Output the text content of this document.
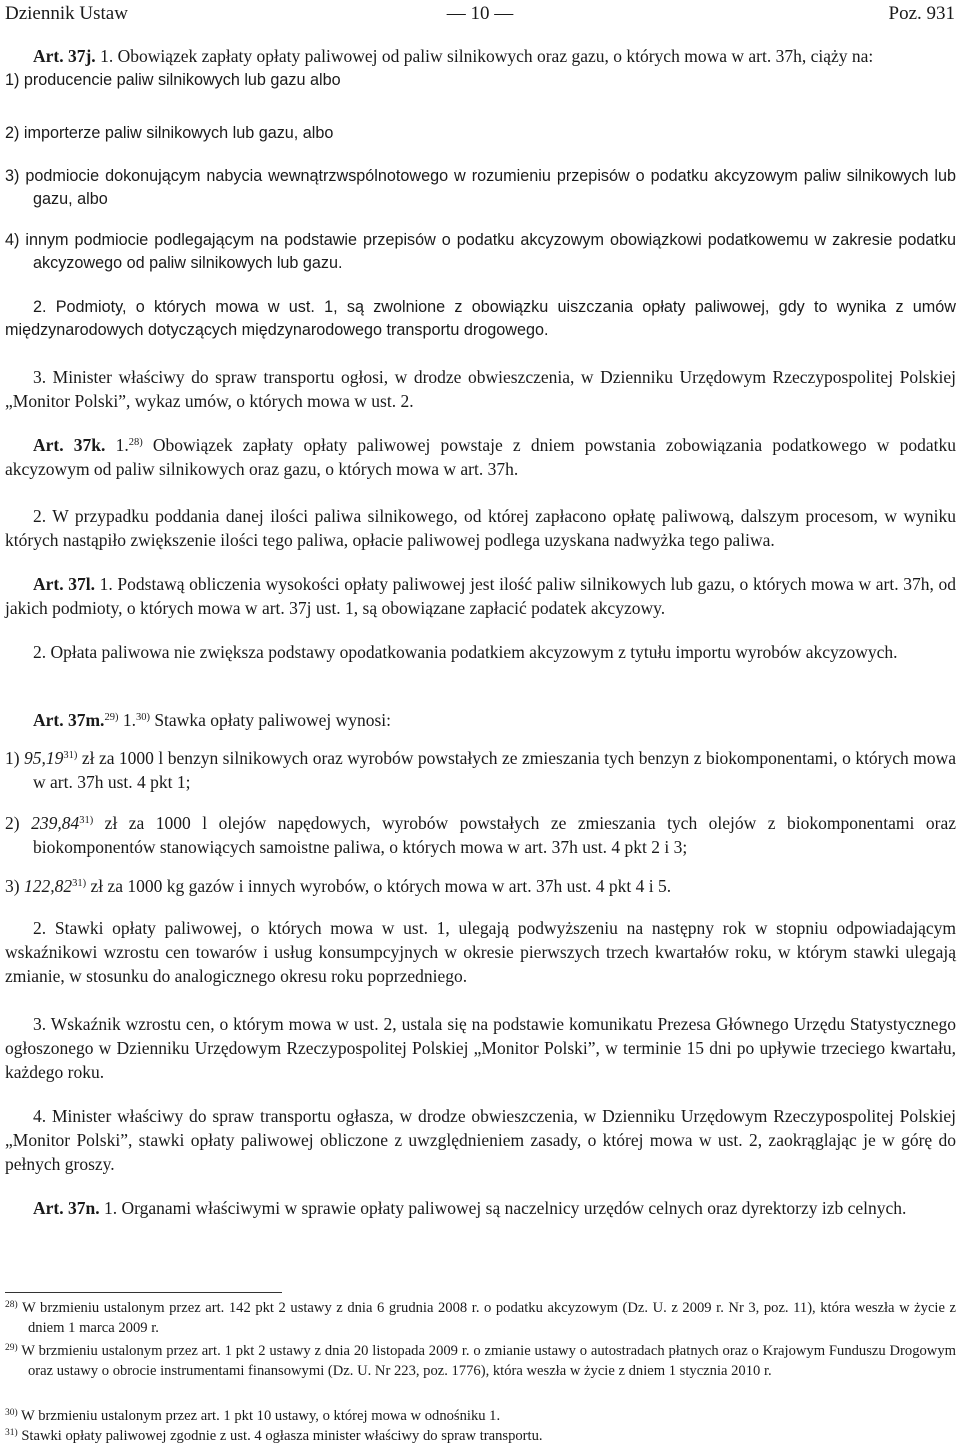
Dziennik Ustaw	— 10 —	Poz. 931

Art. 37j. 1. Obowiązek zapłaty opłaty paliwowej od paliw silnikowych oraz gazu, o których mowa w art. 37h, ciąży na:

1) producencie paliw silnikowych lub gazu albo

2) importerze paliw silnikowych lub gazu, albo

3) podmiocie dokonującym nabycia wewnątrzwspólnotowego w rozumieniu przepisów o podatku akcyzowym paliw silnikowych lub gazu, albo

4) innym podmiocie podlegającym na podstawie przepisów o podatku akcyzowym obowiązkowi podatkowemu w zakresie podatku akcyzowego od paliw silnikowych lub gazu.

2. Podmioty, o których mowa w ust. 1, są zwolnione z obowiązku uiszczania opłaty paliwowej, gdy to wynika z umów międzynarodowych dotyczących międzynarodowego transportu drogowego.

3. Minister właściwy do spraw transportu ogłosi, w drodze obwieszczenia, w Dzienniku Urzędowym Rzeczypospolitej Polskiej „Monitor Polski”, wykaz umów, o których mowa w ust. 2.

Art. 37k. 1.$^{28)}$ Obowiązek zapłaty opłaty paliwowej powstaje z dniem powstania zobowiązania podatkowego w podatku akcyzowym od paliw silnikowych oraz gazu, o których mowa w art. 37h.

2. W przypadku poddania danej ilości paliwa silnikowego, od której zapłacono opłatę paliwową, dalszym procesom, w wyniku których nastąpiło zwiększenie ilości tego paliwa, opłacie paliwowej podlega uzyskana nadwyżka tego paliwa.

Art. 37l. 1. Podstawą obliczenia wysokości opłaty paliwowej jest ilość paliw silnikowych lub gazu, o których mowa w art. 37h, od jakich podmioty, o których mowa w art. 37j ust. 1, są obowiązane zapłacić podatek akcyzowy.

2. Opłata paliwowa nie zwiększa podstawy opodatkowania podatkiem akcyzowym z tytułu importu wyrobów akcyzowych.

Art. 37m.$^{29)}$ 1.$^{30)}$ Stawka opłaty paliwowej wynosi:

1) 95,19$^{31)}$ zł za 1000 l benzyn silnikowych oraz wyrobów powstałych ze zmieszania tych benzyn z biokomponentami, o których mowa w art. 37h ust. 4 pkt 1;

2) 239,84$^{31)}$ zł za 1000 l olejów napędowych, wyrobów powstałych ze zmieszania tych olejów z biokomponentami oraz biokomponentów stanowiących samoistne paliwa, o których mowa w art. 37h ust. 4 pkt 2 i 3;

3) 122,82$^{31)}$ zł za 1000 kg gazów i innych wyrobów, o których mowa w art. 37h ust. 4 pkt 4 i 5.

2. Stawki opłaty paliwowej, o których mowa w ust. 1, ulegają podwyższeniu na następny rok w stopniu odpowiadającym wskaźnikowi wzrostu cen towarów i usług konsumpcyjnych w okresie pierwszych trzech kwartałów roku, w którym stawki ulegają zmianie, w stosunku do analogicznego okresu roku poprzedniego.

3. Wskaźnik wzrostu cen, o którym mowa w ust. 2, ustala się na podstawie komunikatu Prezesa Głównego Urzędu Statystycznego ogłoszonego w Dzienniku Urzędowym Rzeczypospolitej Polskiej „Monitor Polski”, w terminie 15 dni po upływie trzeciego kwartału, każdego roku.

4. Minister właściwy do spraw transportu ogłasza, w drodze obwieszczenia, w Dzienniku Urzędowym Rzeczypospolitej Polskiej „Monitor Polski”, stawki opłaty paliwowej obliczone z uwzględnieniem zasady, o której mowa w ust. 2, zaokrąglając je w górę do pełnych groszy.

Art. 37n. 1. Organami właściwymi w sprawie opłaty paliwowej są naczelnicy urzędów celnych oraz dyrektorzy izb celnych.

$^{28)}$ W brzmieniu ustalonym przez art. 142 pkt 2 ustawy z dnia 6 grudnia 2008 r. o podatku akcyzowym (Dz. U. z 2009 r. Nr 3, poz. 11), która weszła w życie z dniem 1 marca 2009 r.

$^{29)}$ W brzmieniu ustalonym przez art. 1 pkt 2 ustawy z dnia 20 listopada 2009 r. o zmianie ustawy o autostradach płatnych oraz o Krajowym Funduszu Drogowym oraz ustawy o obrocie instrumentami finansowymi (Dz. U. Nr 223, poz. 1776), która weszła w życie z dniem 1 stycznia 2010 r.

$^{30)}$ W brzmieniu ustalonym przez art. 1 pkt 10 ustawy, o której mowa w odnośniku 1.

$^{31)}$ Stawki opłaty paliwowej zgodnie z ust. 4 ogłasza minister właściwy do spraw transportu.
